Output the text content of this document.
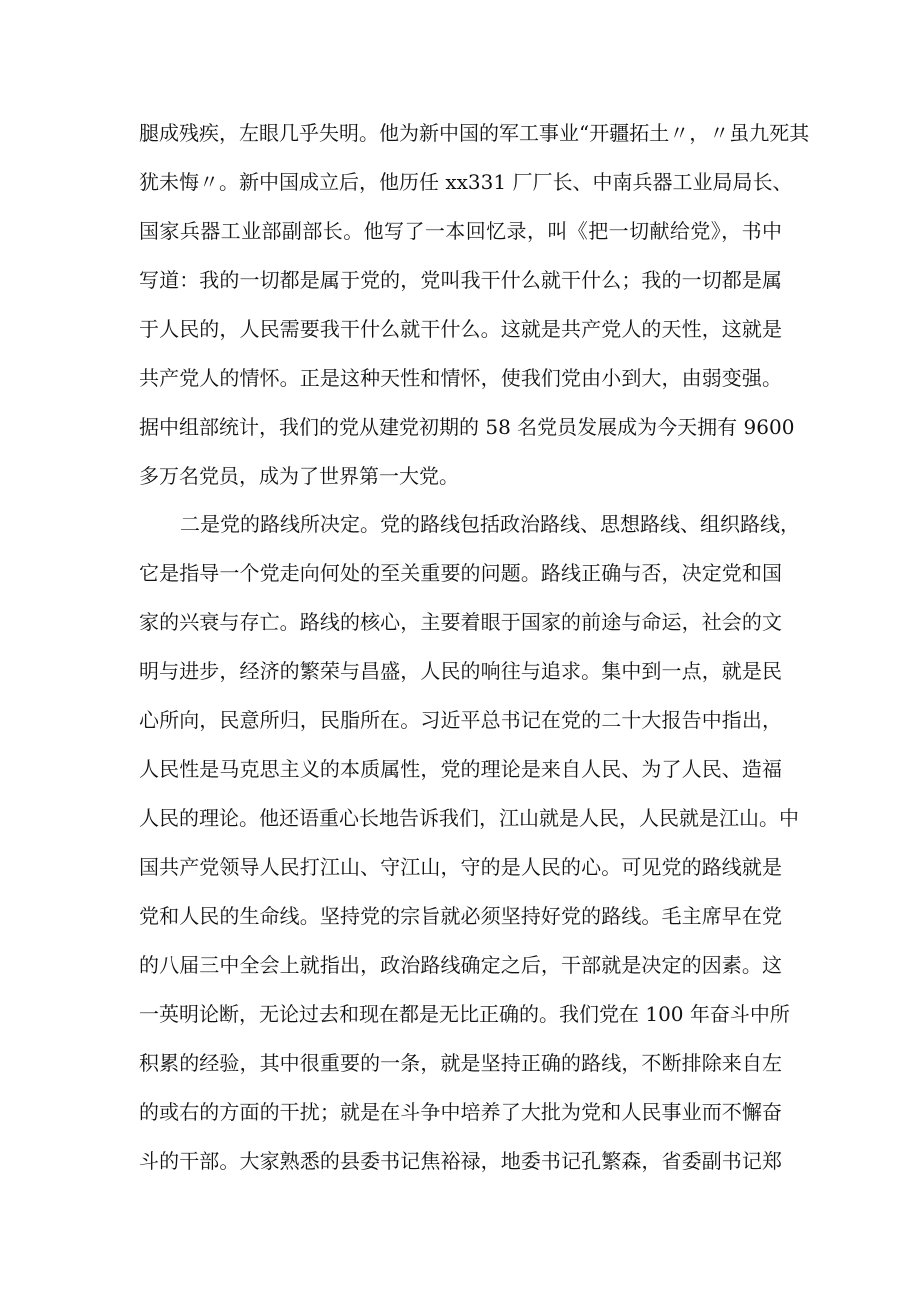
腿成残疾，左眼几乎失明。他为新中国的军工事业“开疆拓土〃，〃虽九死其
犹未悔〃。新中国成立后，他历任 xx331 厂厂长、中南兵器工业局局长、
国家兵器工业部副部长。他写了一本回忆录，叫《把一切献给党》，书中
写道：我的一切都是属于党的，党叫我干什么就干什么；我的一切都是属
于人民的，人民需要我干什么就干什么。这就是共产党人的天性，这就是
共产党人的情怀。正是这种天性和情怀，使我们党由小到大，由弱变强。
据中组部统计，我们的党从建党初期的 58 名党员发展成为今天拥有 9600
多万名党员，成为了世界第一大党。
二是党的路线所决定。党的路线包括政治路线、思想路线、组织路线，
它是指导一个党走向何处的至关重要的问题。路线正确与否，决定党和国
家的兴衰与存亡。路线的核心，主要着眼于国家的前途与命运，社会的文
明与进步，经济的繁荣与昌盛，人民的响往与追求。集中到一点，就是民
心所向，民意所归，民脂所在。习近平总书记在党的二十大报告中指出，
人民性是马克思主义的本质属性，党的理论是来自人民、为了人民、造福
人民的理论。他还语重心长地告诉我们，江山就是人民，人民就是江山。中
国共产党领导人民打江山、守江山，守的是人民的心。可见党的路线就是
党和人民的生命线。坚持党的宗旨就必须坚持好党的路线。毛主席早在党
的八届三中全会上就指出，政治路线确定之后，干部就是决定的因素。这
一英明论断，无论过去和现在都是无比正确的。我们党在 100 年奋斗中所
积累的经验，其中很重要的一条，就是坚持正确的路线，不断排除来自左
的或右的方面的干扰；就是在斗争中培养了大批为党和人民事业而不懈奋
斗的干部。大家熟悉的县委书记焦裕禄，地委书记孔繁森，省委副书记郑
